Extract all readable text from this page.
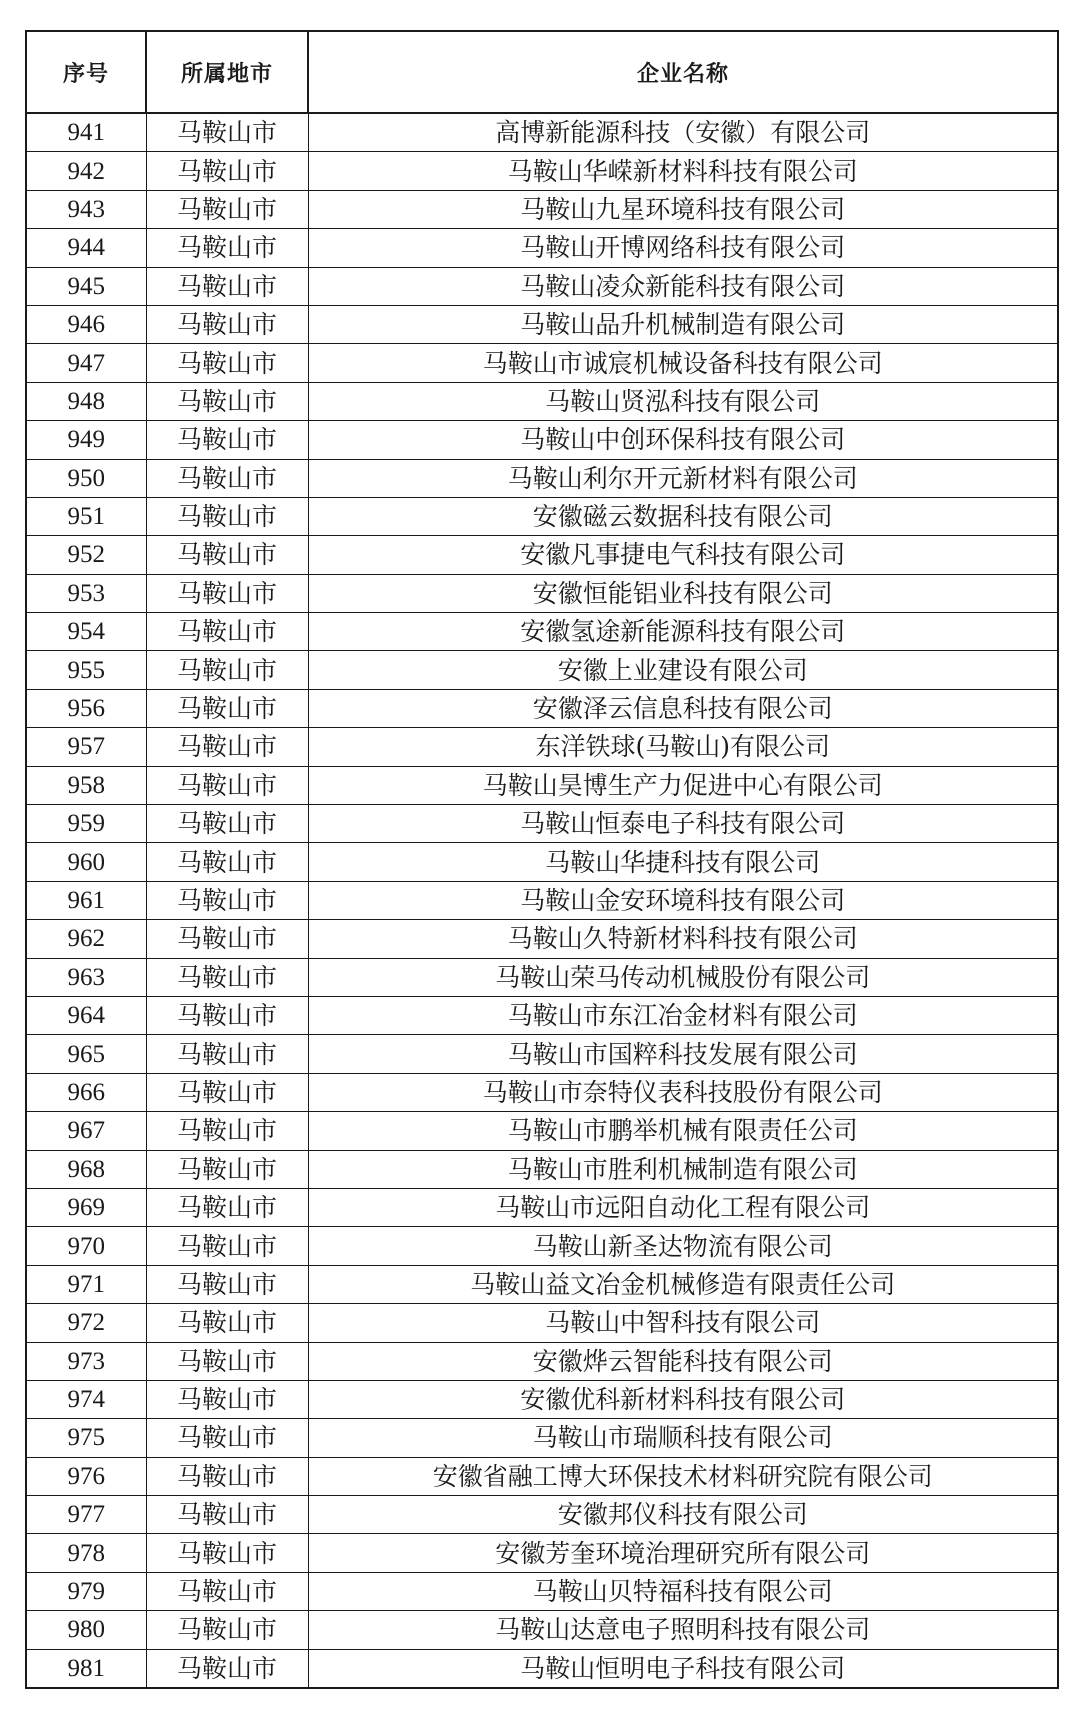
序号	所属地市	企业名称
941	马鞍山市	高博新能源科技（安徽）有限公司
942	马鞍山市	马鞍山华嵘新材料科技有限公司
943	马鞍山市	马鞍山九星环境科技有限公司
944	马鞍山市	马鞍山开博网络科技有限公司
945	马鞍山市	马鞍山凌众新能科技有限公司
946	马鞍山市	马鞍山品升机械制造有限公司
947	马鞍山市	马鞍山市诚宸机械设备科技有限公司
948	马鞍山市	马鞍山贤泓科技有限公司
949	马鞍山市	马鞍山中创环保科技有限公司
950	马鞍山市	马鞍山利尔开元新材料有限公司
951	马鞍山市	安徽磁云数据科技有限公司
952	马鞍山市	安徽凡事捷电气科技有限公司
953	马鞍山市	安徽恒能铝业科技有限公司
954	马鞍山市	安徽氢途新能源科技有限公司
955	马鞍山市	安徽上业建设有限公司
956	马鞍山市	安徽泽云信息科技有限公司
957	马鞍山市	东洋铁球(马鞍山)有限公司
958	马鞍山市	马鞍山昊博生产力促进中心有限公司
959	马鞍山市	马鞍山恒泰电子科技有限公司
960	马鞍山市	马鞍山华捷科技有限公司
961	马鞍山市	马鞍山金安环境科技有限公司
962	马鞍山市	马鞍山久特新材料科技有限公司
963	马鞍山市	马鞍山荣马传动机械股份有限公司
964	马鞍山市	马鞍山市东江冶金材料有限公司
965	马鞍山市	马鞍山市国粹科技发展有限公司
966	马鞍山市	马鞍山市奈特仪表科技股份有限公司
967	马鞍山市	马鞍山市鹏举机械有限责任公司
968	马鞍山市	马鞍山市胜利机械制造有限公司
969	马鞍山市	马鞍山市远阳自动化工程有限公司
970	马鞍山市	马鞍山新圣达物流有限公司
971	马鞍山市	马鞍山益文冶金机械修造有限责任公司
972	马鞍山市	马鞍山中智科技有限公司
973	马鞍山市	安徽烨云智能科技有限公司
974	马鞍山市	安徽优科新材料科技有限公司
975	马鞍山市	马鞍山市瑞顺科技有限公司
976	马鞍山市	安徽省融工博大环保技术材料研究院有限公司
977	马鞍山市	安徽邦仪科技有限公司
978	马鞍山市	安徽芳奎环境治理研究所有限公司
979	马鞍山市	马鞍山贝特福科技有限公司
980	马鞍山市	马鞍山达意电子照明科技有限公司
981	马鞍山市	马鞍山恒明电子科技有限公司
